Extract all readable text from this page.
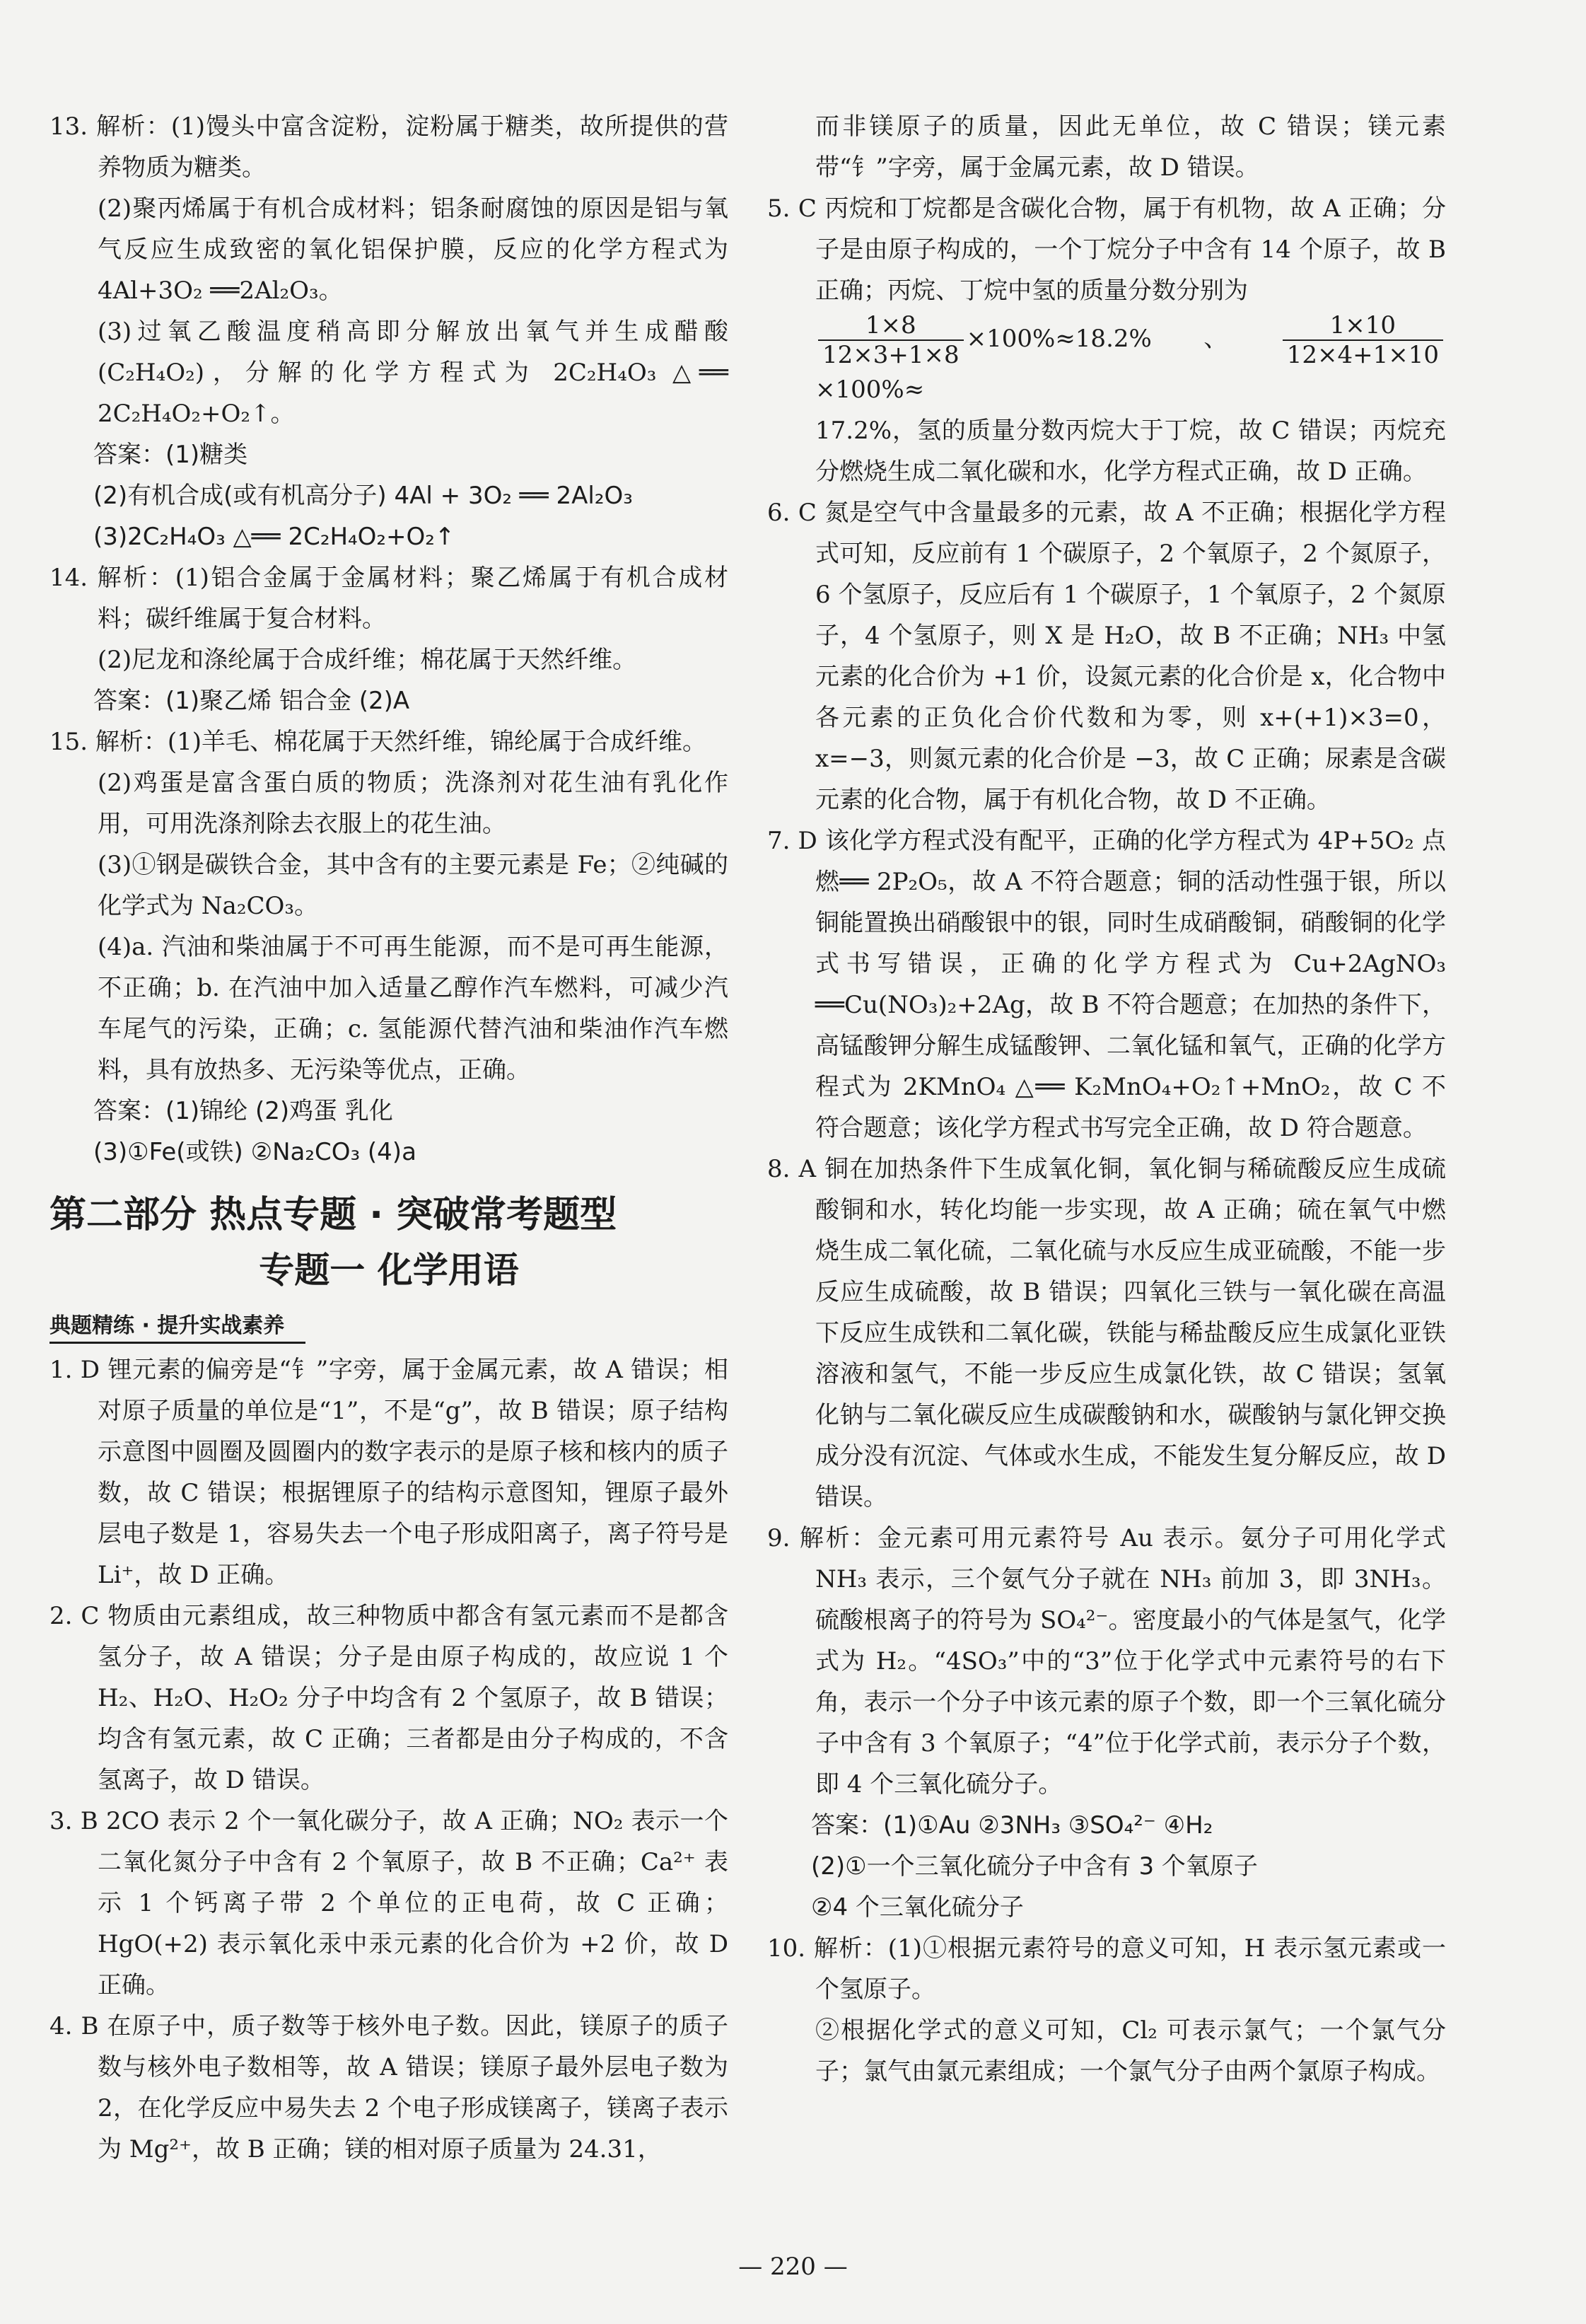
13. 解析：(1)馒头中富含淀粉，淀粉属于糖类，故所提供的营养物质为糖类。

(2)聚丙烯属于有机合成材料；铝条耐腐蚀的原因是铝与氧气反应生成致密的氧化铝保护膜，反应的化学方程式为 4Al+3O₂ ══2Al₂O₃。

(3)过氧乙酸温度稍高即分解放出氧气并生成醋酸(C₂H₄O₂)，分解的化学方程式为 2C₂H₄O₃ △══ 2C₂H₄O₂+O₂↑。

答案：(1)糖类

(2)有机合成(或有机高分子) 4Al + 3O₂ ══ 2Al₂O₃

(3)2C₂H₄O₃ △══ 2C₂H₄O₂+O₂↑

14. 解析：(1)铝合金属于金属材料；聚乙烯属于有机合成材料；碳纤维属于复合材料。

(2)尼龙和涤纶属于合成纤维；棉花属于天然纤维。

答案：(1)聚乙烯 铝合金 (2)A

15. 解析：(1)羊毛、棉花属于天然纤维，锦纶属于合成纤维。

(2)鸡蛋是富含蛋白质的物质；洗涤剂对花生油有乳化作用，可用洗涤剂除去衣服上的花生油。

(3)①钢是碳铁合金，其中含有的主要元素是 Fe；②纯碱的化学式为 Na₂CO₃。

(4)a. 汽油和柴油属于不可再生能源，而不是可再生能源，不正确；b. 在汽油中加入适量乙醇作汽车燃料，可减少汽车尾气的污染，正确；c. 氢能源代替汽油和柴油作汽车燃料，具有放热多、无污染等优点，正确。

答案：(1)锦纶 (2)鸡蛋 乳化

(3)①Fe(或铁) ②Na₂CO₃ (4)a

第二部分 热点专题 · 突破常考题型
专题一 化学用语
典题精练 · 提升实战素养

1. D 锂元素的偏旁是“钅”字旁，属于金属元素，故 A 错误；相对原子质量的单位是“1”，不是“g”，故 B 错误；原子结构示意图中圆圈及圆圈内的数字表示的是原子核和核内的质子数，故 C 错误；根据锂原子的结构示意图知，锂原子最外层电子数是 1，容易失去一个电子形成阳离子，离子符号是 Li⁺，故 D 正确。

2. C 物质由元素组成，故三种物质中都含有氢元素而不是都含氢分子，故 A 错误；分子是由原子构成的，故应说 1 个 H₂、H₂O、H₂O₂ 分子中均含有 2 个氢原子，故 B 错误；均含有氢元素，故 C 正确；三者都是由分子构成的，不含氢离子，故 D 错误。

3. B 2CO 表示 2 个一氧化碳分子，故 A 正确；NO₂ 表示一个二氧化氮分子中含有 2 个氧原子，故 B 不正确；Ca²⁺ 表示 1 个钙离子带 2 个单位的正电荷，故 C 正确；HgO(+2) 表示氧化汞中汞元素的化合价为 +2 价，故 D 正确。

4. B 在原子中，质子数等于核外电子数。因此，镁原子的质子数与核外电子数相等，故 A 错误；镁原子最外层电子数为 2，在化学反应中易失去 2 个电子形成镁离子，镁离子表示为 Mg²⁺，故 B 正确；镁的相对原子质量为 24.31，

而非镁原子的质量，因此无单位，故 C 错误；镁元素带“钅”字旁，属于金属元素，故 D 错误。

5. C 丙烷和丁烷都是含碳化合物，属于有机物，故 A 正确；分子是由原子构成的，一个丁烷分子中含有 14 个原子，故 B 正确；丙烷、丁烷中氢的质量分数分别为

$\frac{1\times 8}{12\times 3+1\times 8} \times 100\%\approx 18.2\%$、 $\frac{1\times 10}{12\times 4+1\times 10}$
×100%≈

17.2%，氢的质量分数丙烷大于丁烷，故 C 错误；丙烷充分燃烧生成二氧化碳和水，化学方程式正确，故 D 正确。

6. C 氮是空气中含量最多的元素，故 A 不正确；根据化学方程式可知，反应前有 1 个碳原子，2 个氧原子，2 个氮原子，6 个氢原子，反应后有 1 个碳原子，1 个氧原子，2 个氮原子，4 个氢原子，则 X 是 H₂O，故 B 不正确；NH₃ 中氢元素的化合价为 +1 价，设氮元素的化合价是 x，化合物中各元素的正负化合价代数和为零，则 x+(+1)×3=0，x=−3，则氮元素的化合价是 −3，故 C 正确；尿素是含碳元素的化合物，属于有机化合物，故 D 不正确。

7. D 该化学方程式没有配平，正确的化学方程式为 4P+5O₂ 点燃══ 2P₂O₅，故 A 不符合题意；铜的活动性强于银，所以铜能置换出硝酸银中的银，同时生成硝酸铜，硝酸铜的化学式书写错误，正确的化学方程式为 Cu+2AgNO₃ ══Cu(NO₃)₂+2Ag，故 B 不符合题意；在加热的条件下，高锰酸钾分解生成锰酸钾、二氧化锰和氧气，正确的化学方程式为 2KMnO₄ △══ K₂MnO₄+O₂↑+MnO₂，故 C 不符合题意；该化学方程式书写完全正确，故 D 符合题意。

8. A 铜在加热条件下生成氧化铜，氧化铜与稀硫酸反应生成硫酸铜和水，转化均能一步实现，故 A 正确；硫在氧气中燃烧生成二氧化硫，二氧化硫与水反应生成亚硫酸，不能一步反应生成硫酸，故 B 错误；四氧化三铁与一氧化碳在高温下反应生成铁和二氧化碳，铁能与稀盐酸反应生成氯化亚铁溶液和氢气，不能一步反应生成氯化铁，故 C 错误；氢氧化钠与二氧化碳反应生成碳酸钠和水，碳酸钠与氯化钾交换成分没有沉淀、气体或水生成，不能发生复分解反应，故 D 错误。

9. 解析：金元素可用元素符号 Au 表示。氨分子可用化学式 NH₃ 表示，三个氨气分子就在 NH₃ 前加 3，即 3NH₃。硫酸根离子的符号为 SO₄²⁻。密度最小的气体是氢气，化学式为 H₂。“4SO₃”中的“3”位于化学式中元素符号的右下角，表示一个分子中该元素的原子个数，即一个三氧化硫分子中含有 3 个氧原子；“4”位于化学式前，表示分子个数，即 4 个三氧化硫分子。

答案：(1)①Au ②3NH₃ ③SO₄²⁻ ④H₂

(2)①一个三氧化硫分子中含有 3 个氧原子

②4 个三氧化硫分子

10. 解析：(1)①根据元素符号的意义可知，H 表示氢元素或一个氢原子。

②根据化学式的意义可知，Cl₂ 可表示氯气；一个氯气分子；氯气由氯元素组成；一个氯气分子由两个氯原子构成。

— 220 —
